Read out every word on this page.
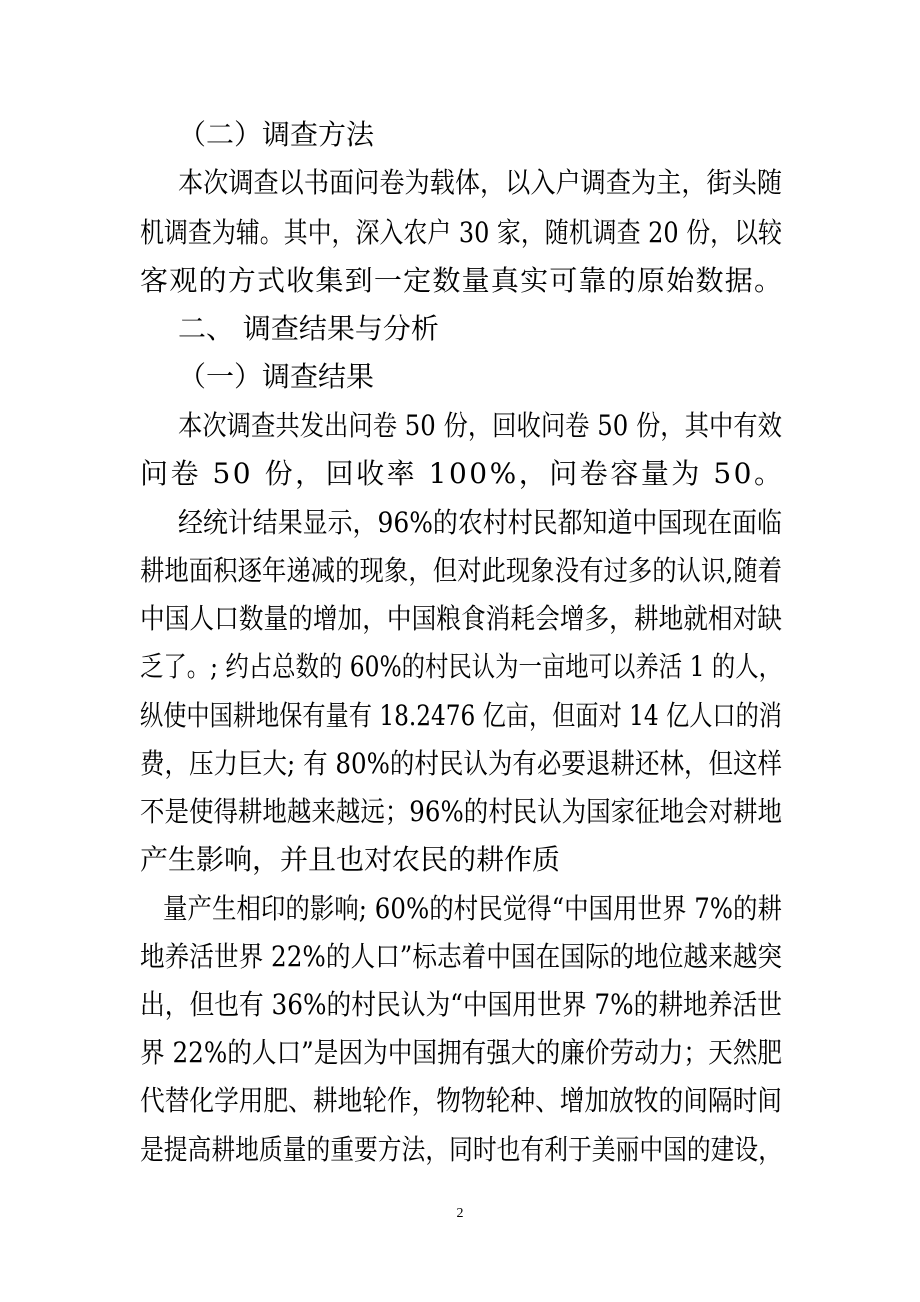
（二）调查方法
本次调查以书面问卷为载体，以入户调查为主，街头随
机调查为辅。其中，深入农户 30 家，随机调查 20 份，以较
客观的方式收集到一定数量真实可靠的原始数据。
二、 调查结果与分析
（一）调查结果
本次调查共发出问卷 50 份，回收问卷 50 份，其中有效
问卷 50 份，回收率 100%，问卷容量为 50。
经统计结果显示，96%的农村村民都知道中国现在面临
耕地面积逐年递减的现象，但对此现象没有过多的认识,随着
中国人口数量的增加，中国粮食消耗会增多，耕地就相对缺
乏了。; 约占总数的 60%的村民认为一亩地可以养活 1 的人，
纵使中国耕地保有量有 18.2476 亿亩，但面对 14 亿人口的消
费，压力巨大; 有 80%的村民认为有必要退耕还林，但这样
不是使得耕地越来越远；96%的村民认为国家征地会对耕地
产生影响，并且也对农民的耕作质
量产生相印的影响; 60%的村民觉得“中国用世界 7%的耕
地养活世界 22%的人口”标志着中国在国际的地位越来越突
出，但也有 36%的村民认为“中国用世界 7%的耕地养活世
界 22%的人口”是因为中国拥有强大的廉价劳动力；天然肥
代替化学用肥、耕地轮作，物物轮种、增加放牧的间隔时间
是提高耕地质量的重要方法，同时也有利于美丽中国的建设，
2
